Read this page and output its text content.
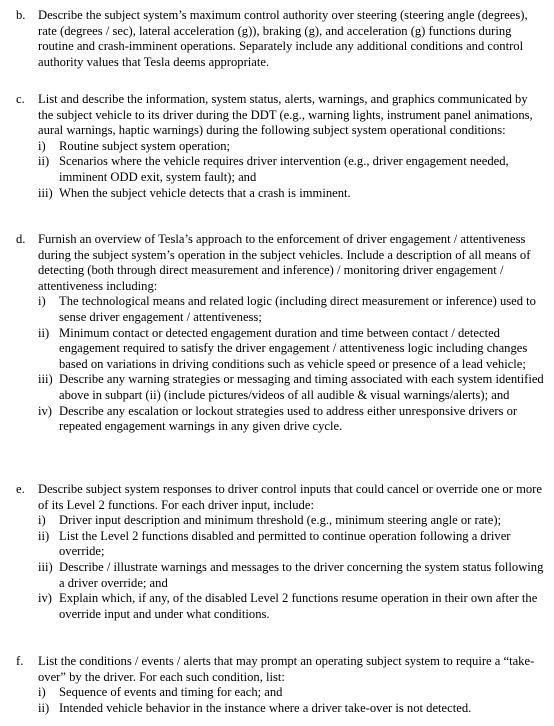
b. Describe the subject system’s maximum control authority over steering (steering angle (degrees), rate (degrees / sec), lateral acceleration (g)), braking (g), and acceleration (g) functions during routine and crash-imminent operations. Separately include any additional conditions and control authority values that Tesla deems appropriate.

c. List and describe the information, system status, alerts, warnings, and graphics communicated by the subject vehicle to its driver during the DDT (e.g., warning lights, instrument panel animations, aural warnings, haptic warnings) during the following subject system operational conditions:

i) Routine subject system operation;
ii) Scenarios where the vehicle requires driver intervention (e.g., driver engagement needed, imminent ODD exit, system fault); and
iii) When the subject vehicle detects that a crash is imminent.
d. Furnish an overview of Tesla’s approach to the enforcement of driver engagement / attentiveness during the subject system’s operation in the subject vehicles. Include a description of all means of detecting (both through direct measurement and inference) / monitoring driver engagement / attentiveness including:

i) The technological means and related logic (including direct measurement or inference) used to sense driver engagement / attentiveness;
ii) Minimum contact or detected engagement duration and time between contact / detected engagement required to satisfy the driver engagement / attentiveness logic including changes based on variations in driving conditions such as vehicle speed or presence of a lead vehicle;
iii) Describe any warning strategies or messaging and timing associated with each system identified above in subpart (ii) (include pictures/videos of all audible & visual warnings/alerts); and
iv) Describe any escalation or lockout strategies used to address either unresponsive drivers or repeated engagement warnings in any given drive cycle.
e. Describe subject system responses to driver control inputs that could cancel or override one or more of its Level 2 functions. For each driver input, include:

i) Driver input description and minimum threshold (e.g., minimum steering angle or rate);
ii) List the Level 2 functions disabled and permitted to continue operation following a driver override;
iii) Describe / illustrate warnings and messages to the driver concerning the system status following a driver override; and
iv) Explain which, if any, of the disabled Level 2 functions resume operation in their own after the override input and under what conditions.
f. List the conditions / events / alerts that may prompt an operating subject system to require a “take-over” by the driver. For each such condition, list:

i) Sequence of events and timing for each; and
ii) Intended vehicle behavior in the instance where a driver take-over is not detected.
